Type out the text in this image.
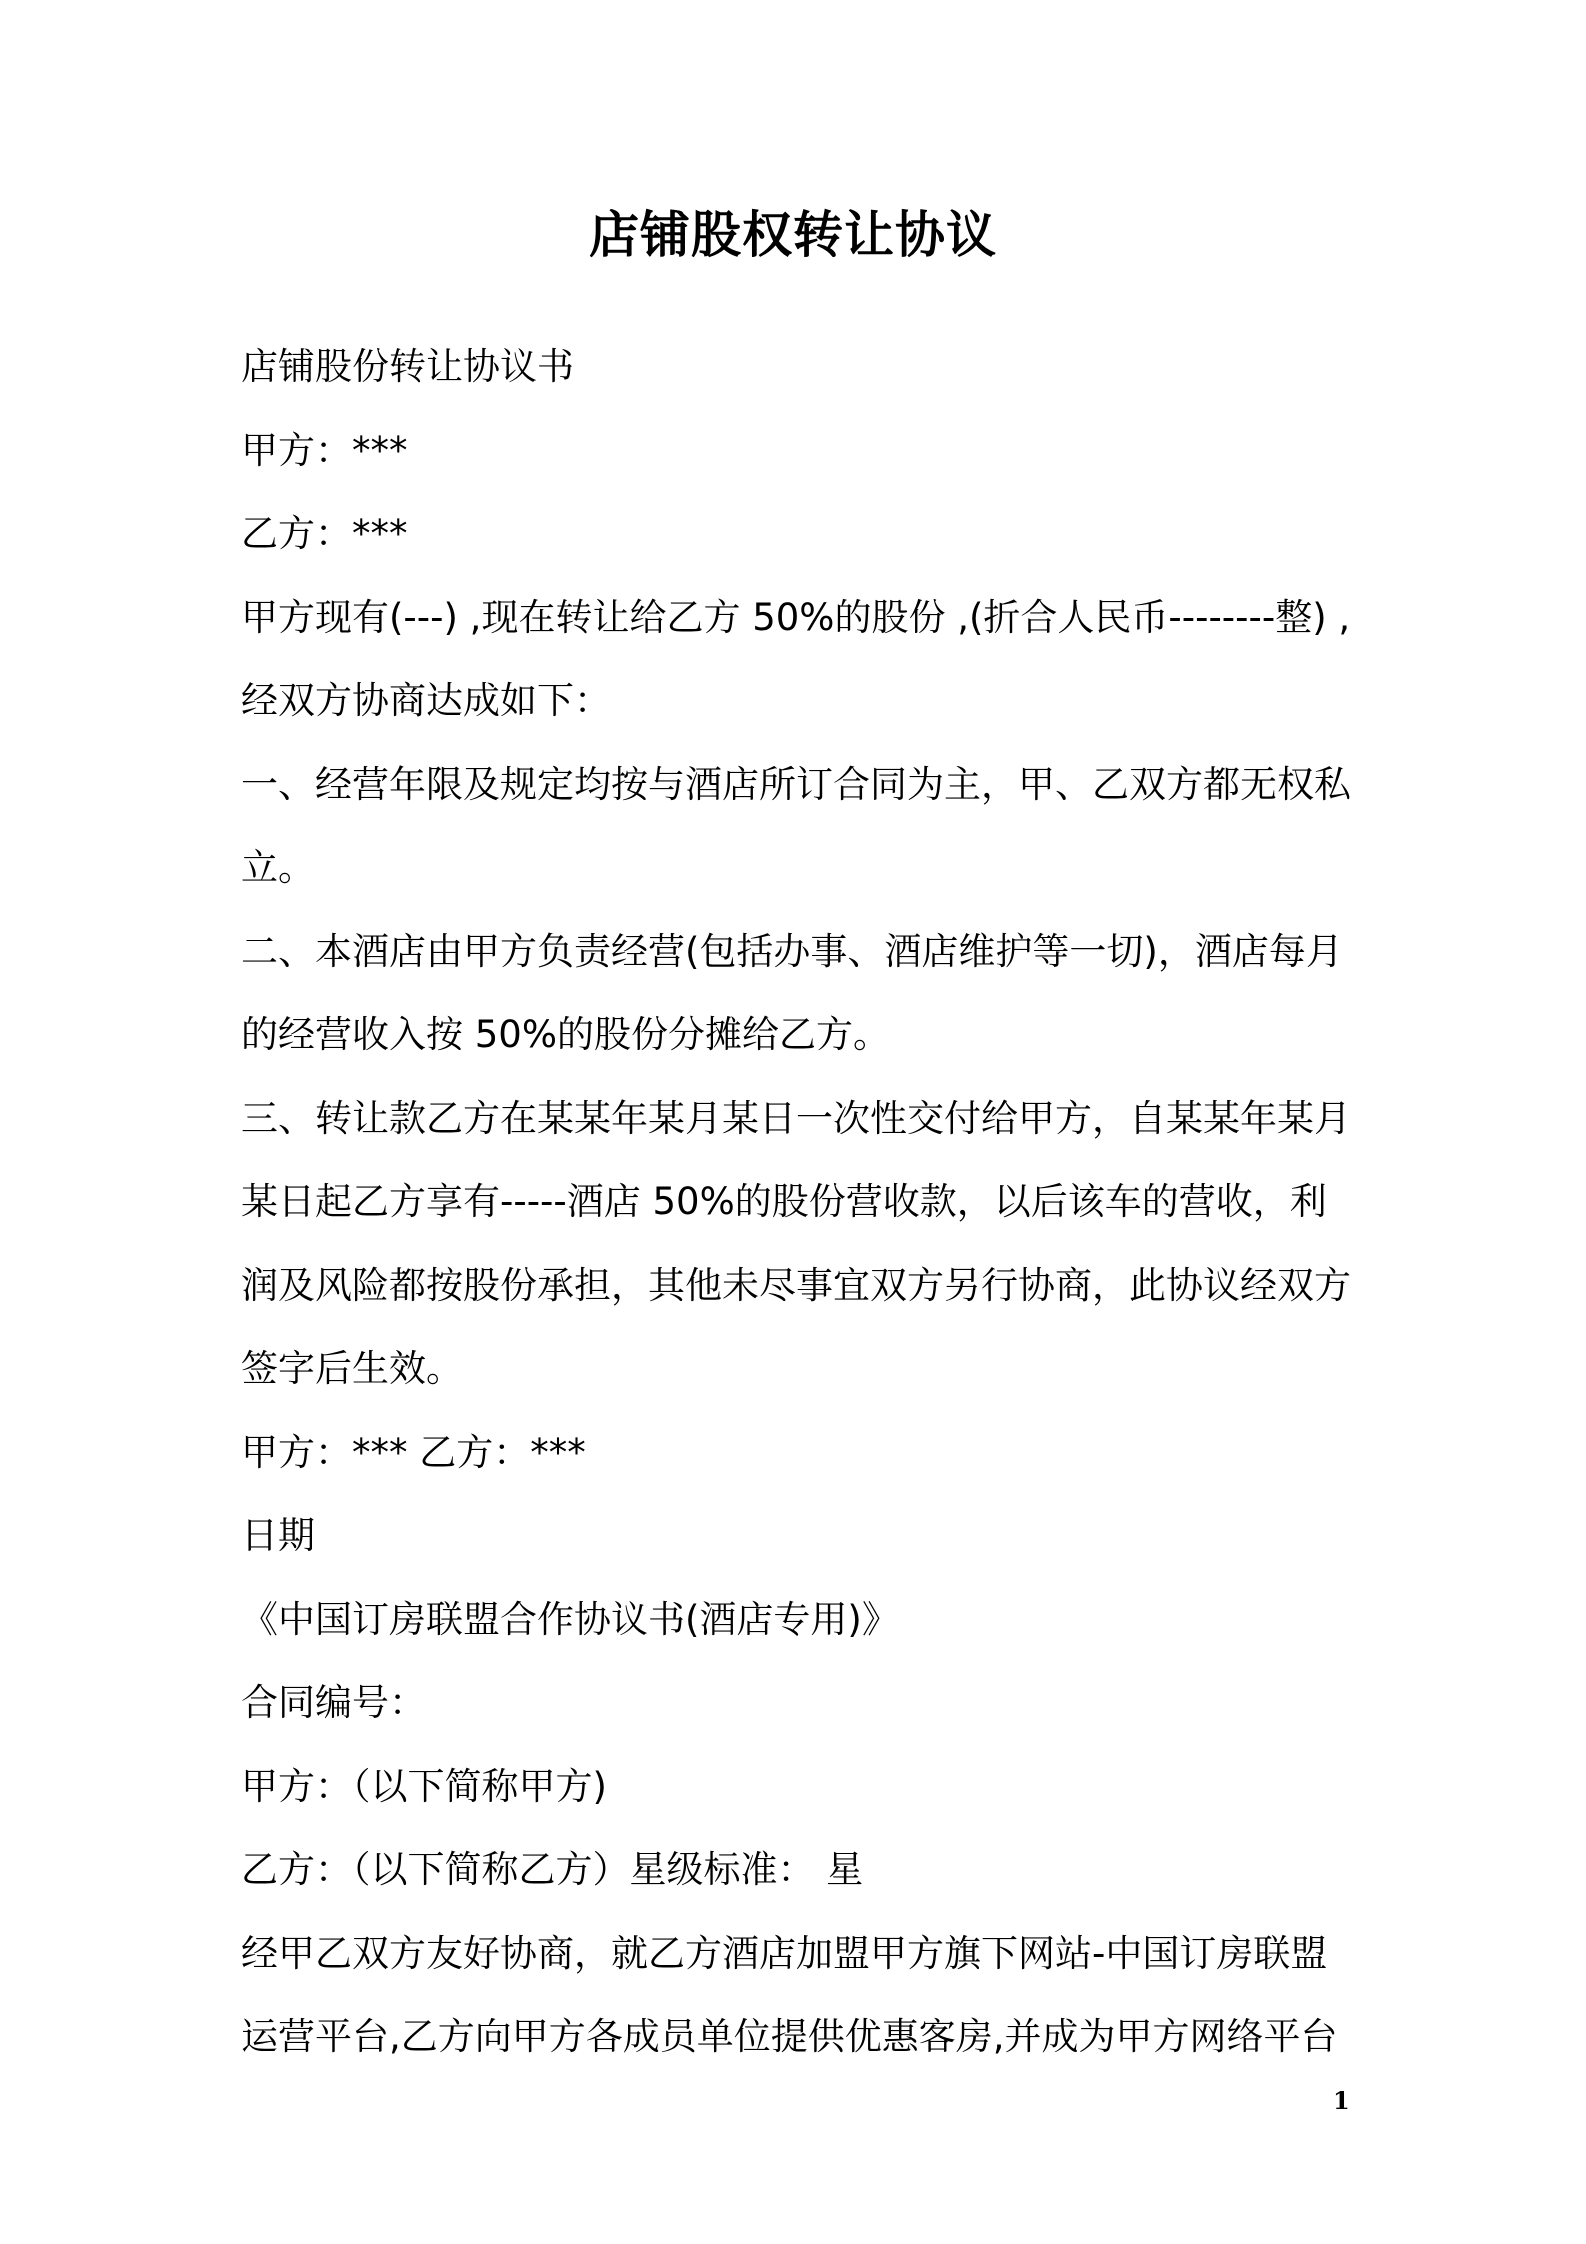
店铺股权转让协议
店铺股份转让协议书
甲方：***
乙方：***
甲方现有(---) ,现在转让给乙方 50%的股份 ,(折合人民币--------整) ,
经双方协商达成如下：
一、经营年限及规定均按与酒店所订合同为主，甲、乙双方都无权私
立。
二、本酒店由甲方负责经营(包括办事、酒店维护等一切)，酒店每月
的经营收入按 50%的股份分摊给乙方。
三、转让款乙方在某某年某月某日一次性交付给甲方，自某某年某月
某日起乙方享有-----酒店 50%的股份营收款，以后该车的营收，利
润及风险都按股份承担，其他未尽事宜双方另行协商，此协议经双方
签字后生效。
甲方：*** 乙方：***
日期
《中国订房联盟合作协议书(酒店专用)》
合同编号：
甲方：（以下简称甲方)
乙方：（以下简称乙方）星级标准： 星
经甲乙双方友好协商，就乙方酒店加盟甲方旗下网站-中国订房联盟
运营平台,乙方向甲方各成员单位提供优惠客房,并成为甲方网络平台
1
